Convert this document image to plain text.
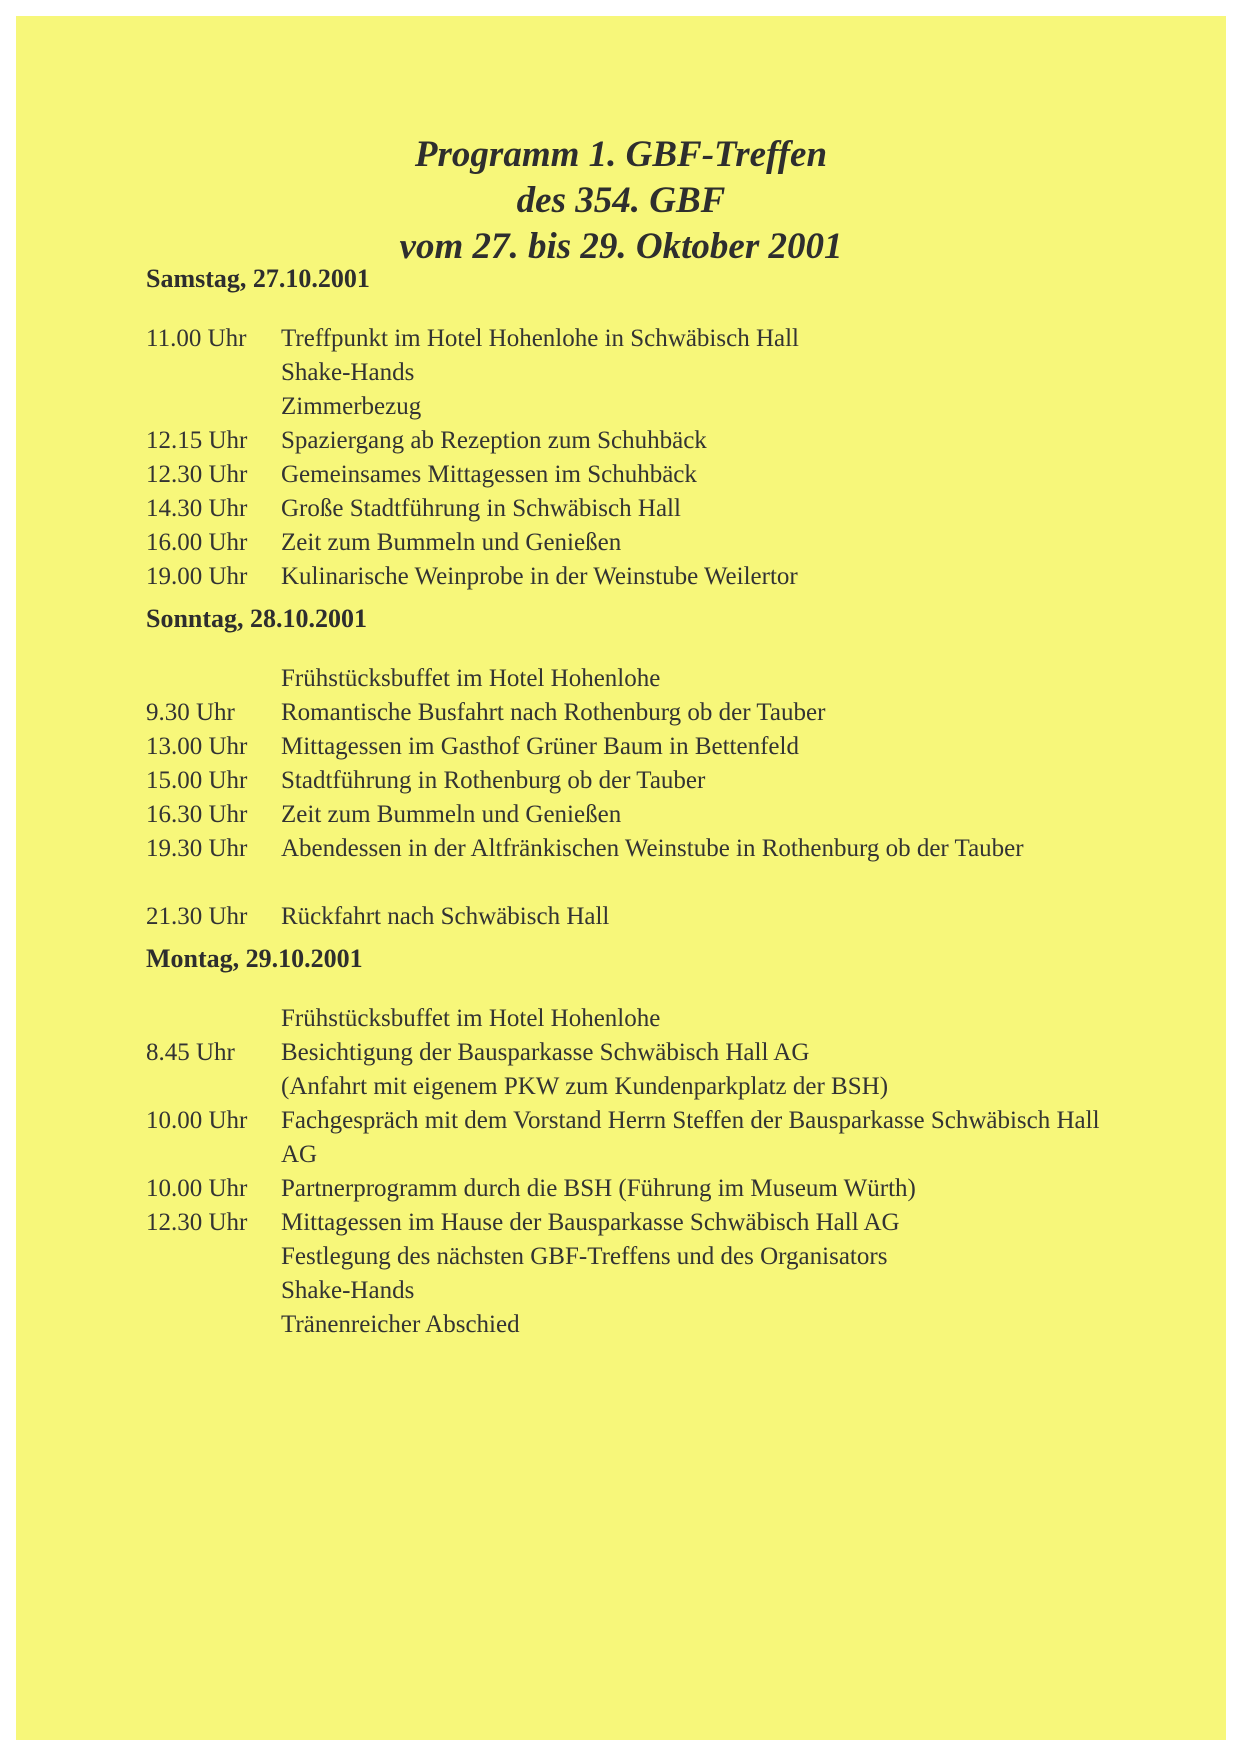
Programm 1. GBF-Treffen
des 354. GBF
vom 27. bis 29. Oktober 2001
Samstag, 27.10.2001
11.00 Uhr	Treffpunkt im Hotel Hohenlohe in Schwäbisch Hall
Shake-Hands
Zimmerbezug
12.15 Uhr	Spaziergang ab Rezeption zum Schuhbäck
12.30 Uhr	Gemeinsames Mittagessen im Schuhbäck
14.30 Uhr	Große Stadtführung in Schwäbisch Hall
16.00 Uhr	Zeit zum Bummeln und Genießen
19.00 Uhr	Kulinarische Weinprobe in der Weinstube Weilertor
Sonntag, 28.10.2001
Frühstücksbuffet im Hotel Hohenlohe
9.30 Uhr	Romantische Busfahrt nach Rothenburg ob der Tauber
13.00 Uhr	Mittagessen im Gasthof Grüner Baum in Bettenfeld
15.00 Uhr	Stadtführung in Rothenburg ob der Tauber
16.30 Uhr	Zeit zum Bummeln und Genießen
19.30 Uhr	Abendessen in der Altfränkischen Weinstube in Rothenburg ob der Tauber
21.30 Uhr	Rückfahrt nach Schwäbisch Hall
Montag, 29.10.2001
Frühstücksbuffet im Hotel Hohenlohe
8.45 Uhr	Besichtigung der Bausparkasse Schwäbisch Hall AG
(Anfahrt mit eigenem PKW zum Kundenparkplatz der BSH)
10.00 Uhr	Fachgespräch mit dem Vorstand Herrn Steffen der Bausparkasse Schwäbisch Hall AG
10.00 Uhr	Partnerprogramm durch die BSH (Führung im Museum Würth)
12.30 Uhr	Mittagessen im Hause der Bausparkasse Schwäbisch Hall AG
Festlegung des nächsten GBF-Treffens und des Organisators
Shake-Hands
Tränenreicher Abschied
